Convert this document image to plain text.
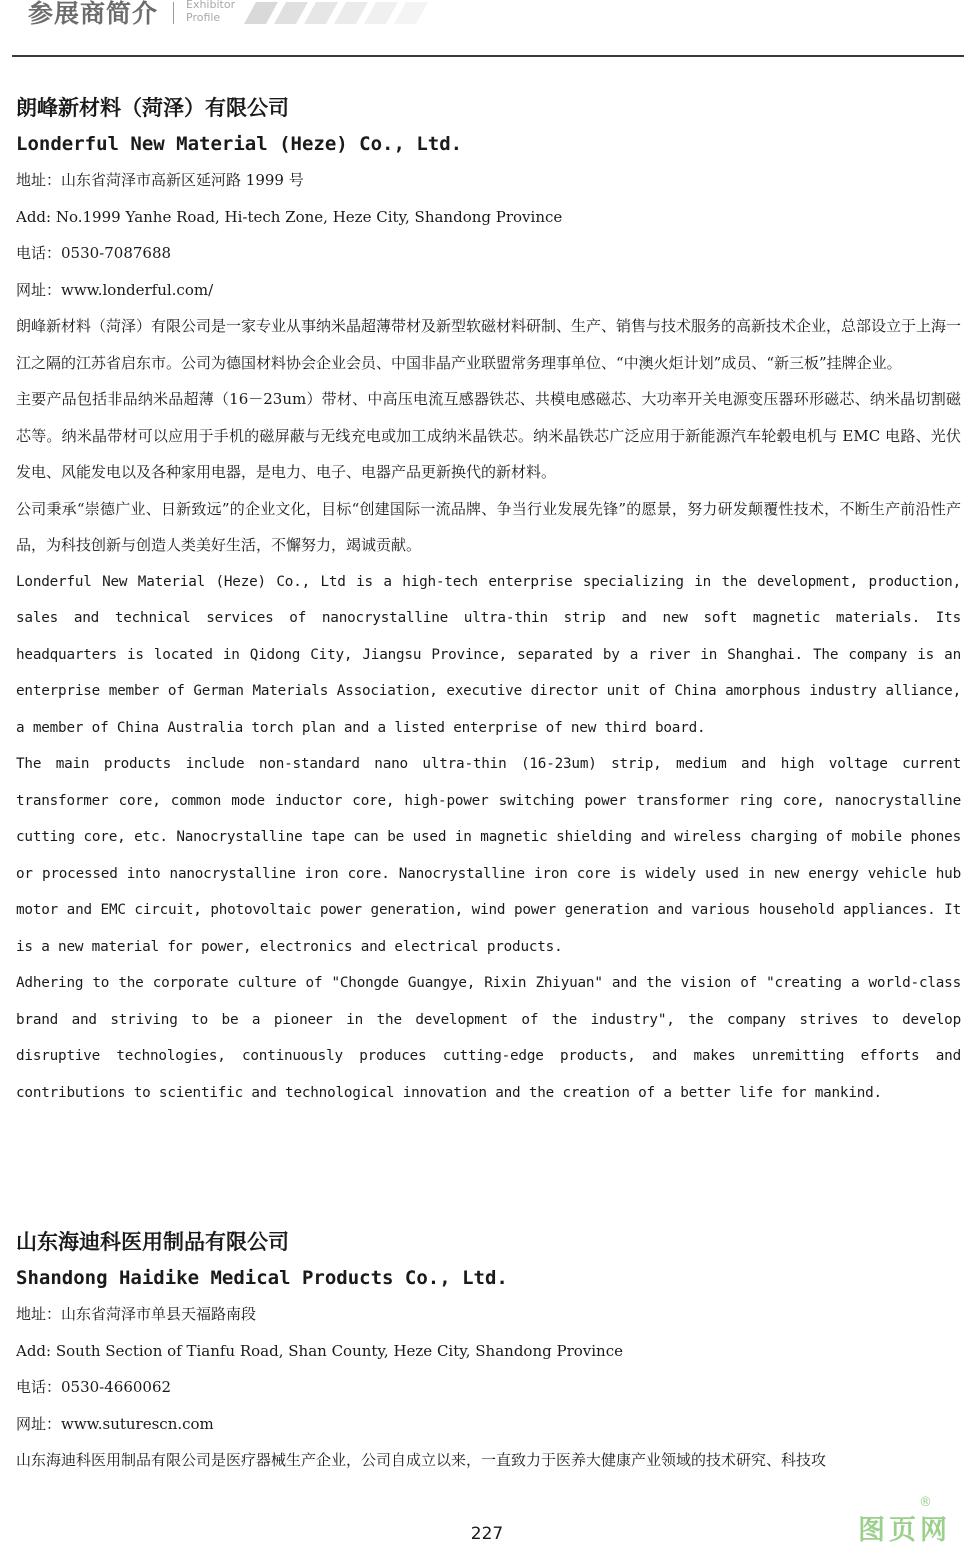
参展商简介	Exhibitor
Profile
朗峰新材料（菏泽）有限公司
Londerful New Material (Heze) Co., Ltd.
地址：山东省菏泽市高新区延河路 1999 号
Add: No.1999 Yanhe Road, Hi-tech Zone, Heze City, Shandong Province
电话：0530-7087688
网址：www.londerful.com/

朗峰新材料（菏泽）有限公司是一家专业从事纳米晶超薄带材及新型软磁材料研制、生产、销售与技术服务的高新技术企业，总部设立于上海一江之隔的江苏省启东市。公司为德国材料协会企业会员、中国非晶产业联盟常务理事单位、“中澳火炬计划”成员、“新三板”挂牌企业。

主要产品包括非品纳米品超薄（16－23um）带材、中高压电流互感器铁芯、共模电感磁芯、大功率开关电源变压器环形磁芯、纳米晶切割磁芯等。纳米晶带材可以应用于手机的磁屏蔽与无线充电或加工成纳米晶铁芯。纳米晶铁芯广泛应用于新能源汽车轮毂电机与 EMC 电路、光伏发电、风能发电以及各种家用电器，是电力、电子、电器产品更新换代的新材料。

公司秉承“崇德广业、日新致远”的企业文化，目标“创建国际一流品牌、争当行业发展先锋”的愿景，努力研发颠覆性技术，不断生产前沿性产品，为科技创新与创造人类美好生活，不懈努力，竭诚贡献。

Londerful New Material (Heze) Co., Ltd is a high-tech enterprise specializing in the development, production, sales and technical services of nanocrystalline ultra-thin strip and new soft magnetic materials. Its headquarters is located in Qidong City, Jiangsu Province, separated by a river in Shanghai. The company is an enterprise member of German Materials Association, executive director unit of China amorphous industry alliance, a member of China Australia torch plan and a listed enterprise of new third board.

The main products include non-standard nano ultra-thin (16-23um) strip, medium and high voltage current transformer core, common mode inductor core, high-power switching power transformer ring core, nanocrystalline cutting core, etc. Nanocrystalline tape can be used in magnetic shielding and wireless charging of mobile phones or processed into nanocrystalline iron core. Nanocrystalline iron core is widely used in new energy vehicle hub motor and EMC circuit, photovoltaic power generation, wind power generation and various household appliances. It is a new material for power, electronics and electrical products.

Adhering to the corporate culture of "Chongde Guangye, Rixin Zhiyuan" and the vision of "creating a world-class brand and striving to be a pioneer in the development of the industry", the company strives to develop disruptive technologies, continuously produces cutting-edge products, and makes unremitting efforts and contributions to scientific and technological innovation and the creation of a better life for mankind.

山东海迪科医用制品有限公司
Shandong Haidike Medical Products Co., Ltd.
地址：山东省菏泽市单县天福路南段
Add: South Section of Tianfu Road, Shan County, Heze City, Shandong Province
电话：0530-4660062
网址：www.suturescn.com

山东海迪科医用制品有限公司是医疗器械生产企业，公司自成立以来，一直致力于医养大健康产业领域的技术研究、科技攻

227	图页网
®
